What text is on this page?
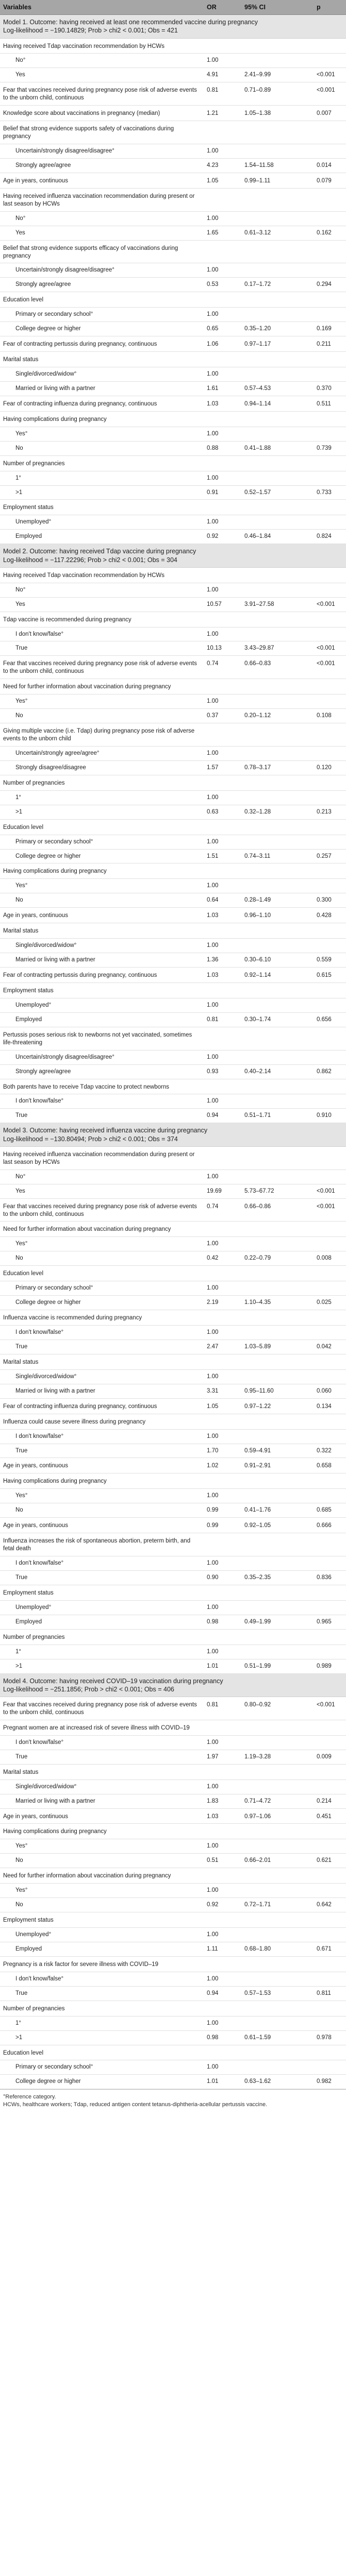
Variables	OR	95% CI	p

Model 1. Outcome: having received at least one recommended vaccine during pregnancy
Log-likelihood = −190.14829; Prob > chi2 < 0.001; Obs = 421			

Having received Tdap vaccination recommendation by HCWs			
No°	1.00		
Yes	4.91	2.41–9.99	<0.001
Fear that vaccines received during pregnancy pose risk of adverse events to the unborn child, continuous	0.81	0.71–0.89	<0.001
Knowledge score about vaccinations in pregnancy (median)	1.21	1.05–1.38	0.007
Belief that strong evidence supports safety of vaccinations during pregnancy			
Uncertain/strongly disagree/disagree°	1.00		
Strongly agree/agree	4.23	1.54–11.58	0.014
Age in years, continuous	1.05	0.99–1.11	0.079
Having received influenza vaccination recommendation during present or last season by HCWs			
No°	1.00		
Yes	1.65	0.61–3.12	0.162
Belief that strong evidence supports efficacy of vaccinations during pregnancy			
Uncertain/strongly disagree/disagree°	1.00		
Strongly agree/agree	0.53	0.17–1.72	0.294
Education level			
Primary or secondary school°	1.00		
College degree or higher	0.65	0.35–1.20	0.169
Fear of contracting pertussis during pregnancy, continuous	1.06	0.97–1.17	0.211
Marital status			
Single/divorced/widow°	1.00		
Married or living with a partner	1.61	0.57–4.53	0.370
Fear of contracting influenza during pregnancy, continuous	1.03	0.94–1.14	0.511
Having complications during pregnancy			
Yes°	1.00		
No	0.88	0.41–1.88	0.739
Number of pregnancies			
1°	1.00		
>1	0.91	0.52–1.57	0.733
Employment status			
Unemployed°	1.00		
Employed	0.92	0.46–1.84	0.824

Model 2. Outcome: having received Tdap vaccine during pregnancy
Log-likelihood = −117.22296; Prob > chi2 < 0.001; Obs = 304			

Having received Tdap vaccination recommendation by HCWs			
No°	1.00		
Yes	10.57	3.91–27.58	<0.001
Tdap vaccine is recommended during pregnancy			
I don't know/false°	1.00		
True	10.13	3.43–29.87	<0.001
Fear that vaccines received during pregnancy pose risk of adverse events to the unborn child, continuous	0.74	0.66–0.83	<0.001
Need for further information about vaccination during pregnancy			
Yes°	1.00		
No	0.37	0.20–1.12	0.108
Giving multiple vaccine (i.e. Tdap) during pregnancy pose risk of adverse events to the unborn child			
Uncertain/strongly agree/agree°	1.00		
Strongly disagree/disagree	1.57	0.78–3.17	0.120
Number of pregnancies			
1°	1.00		
>1	0.63	0.32–1.28	0.213
Education level			
Primary or secondary school°	1.00		
College degree or higher	1.51	0.74–3.11	0.257
Having complications during pregnancy			
Yes°	1.00		
No	0.64	0.28–1.49	0.300
Age in years, continuous	1.03	0.96–1.10	0.428
Marital status			
Single/divorced/widow°	1.00		
Married or living with a partner	1.36	0.30–6.10	0.559
Fear of contracting pertussis during pregnancy, continuous	1.03	0.92–1.14	0.615
Employment status			
Unemployed°	1.00		
Employed	0.81	0.30–1.74	0.656
Pertussis poses serious risk to newborns not yet vaccinated, sometimes life-threatening			
Uncertain/strongly disagree/disagree°	1.00		
Strongly agree/agree	0.93	0.40–2.14	0.862
Both parents have to receive Tdap vaccine to protect newborns			
I don't know/false°	1.00		
True	0.94	0.51–1.71	0.910

Model 3. Outcome: having received influenza vaccine during pregnancy
Log-likelihood = −130.80494; Prob > chi2 < 0.001; Obs = 374			

Having received influenza vaccination recommendation during present or last season by HCWs			
No°	1.00		
Yes	19.69	5.73–67.72	<0.001
Fear that vaccines received during pregnancy pose risk of adverse events to the unborn child, continuous	0.74	0.66–0.86	<0.001
Need for further information about vaccination during pregnancy			
Yes°	1.00		
No	0.42	0.22–0.79	0.008
Education level			
Primary or secondary school°	1.00		
College degree or higher	2.19	1.10–4.35	0.025
Influenza vaccine is recommended during pregnancy			
I don't know/false°	1.00		
True	2.47	1.03–5.89	0.042
Marital status			
Single/divorced/widow°	1.00		
Married or living with a partner	3.31	0.95–11.60	0.060
Fear of contracting influenza during pregnancy, continuous	1.05	0.97–1.22	0.134
Influenza could cause severe illness during pregnancy			
I don't know/false°	1.00		
True	1.70	0.59–4.91	0.322
Age in years, continuous	1.02	0.91–2.91	0.658
Having complications during pregnancy			
Yes°	1.00		
No	0.99	0.41–1.76	0.685
Age in years, continuous	0.99	0.92–1.05	0.666
Influenza increases the risk of spontaneous abortion, preterm birth, and fetal death			
I don't know/false°	1.00		
True	0.90	0.35–2.35	0.836
Employment status			
Unemployed°	1.00		
Employed	0.98	0.49–1.99	0.965
Number of pregnancies			
1°	1.00		
>1	1.01	0.51–1.99	0.989

Model 4. Outcome: having received COVID–19 vaccination during pregnancy
Log-likelihood = −251.1856; Prob > chi2 < 0.001; Obs = 406			

Fear that vaccines received during pregnancy pose risk of adverse events to the unborn child, continuous	0.81	0.80–0.92	<0.001
Pregnant women are at increased risk of severe illness with COVID–19			
I don't know/false°	1.00		
True	1.97	1.19–3.28	0.009
Marital status			
Single/divorced/widow°	1.00		
Married or living with a partner	1.83	0.71–4.72	0.214
Age in years, continuous	1.03	0.97–1.06	0.451
Having complications during pregnancy			
Yes°	1.00		
No	0.51	0.66–2.01	0.621
Need for further information about vaccination during pregnancy			
Yes°	1.00		
No	0.92	0.72–1.71	0.642
Employment status			
Unemployed°	1.00		
Employed	1.11	0.68–1.80	0.671
Pregnancy is a risk factor for severe illness with COVID–19			
I don't know/false°	1.00		
True	0.94	0.57–1.53	0.811
Number of pregnancies			
1°	1.00		
>1	0.98	0.61–1.59	0.978
Education level			
Primary or secondary school°	1.00		
College degree or higher	1.01	0.63–1.62	0.982
°Reference category.
HCWs, healthcare workers; Tdap, reduced antigen content tetanus-diphtheria-acellular pertussis vaccine.
